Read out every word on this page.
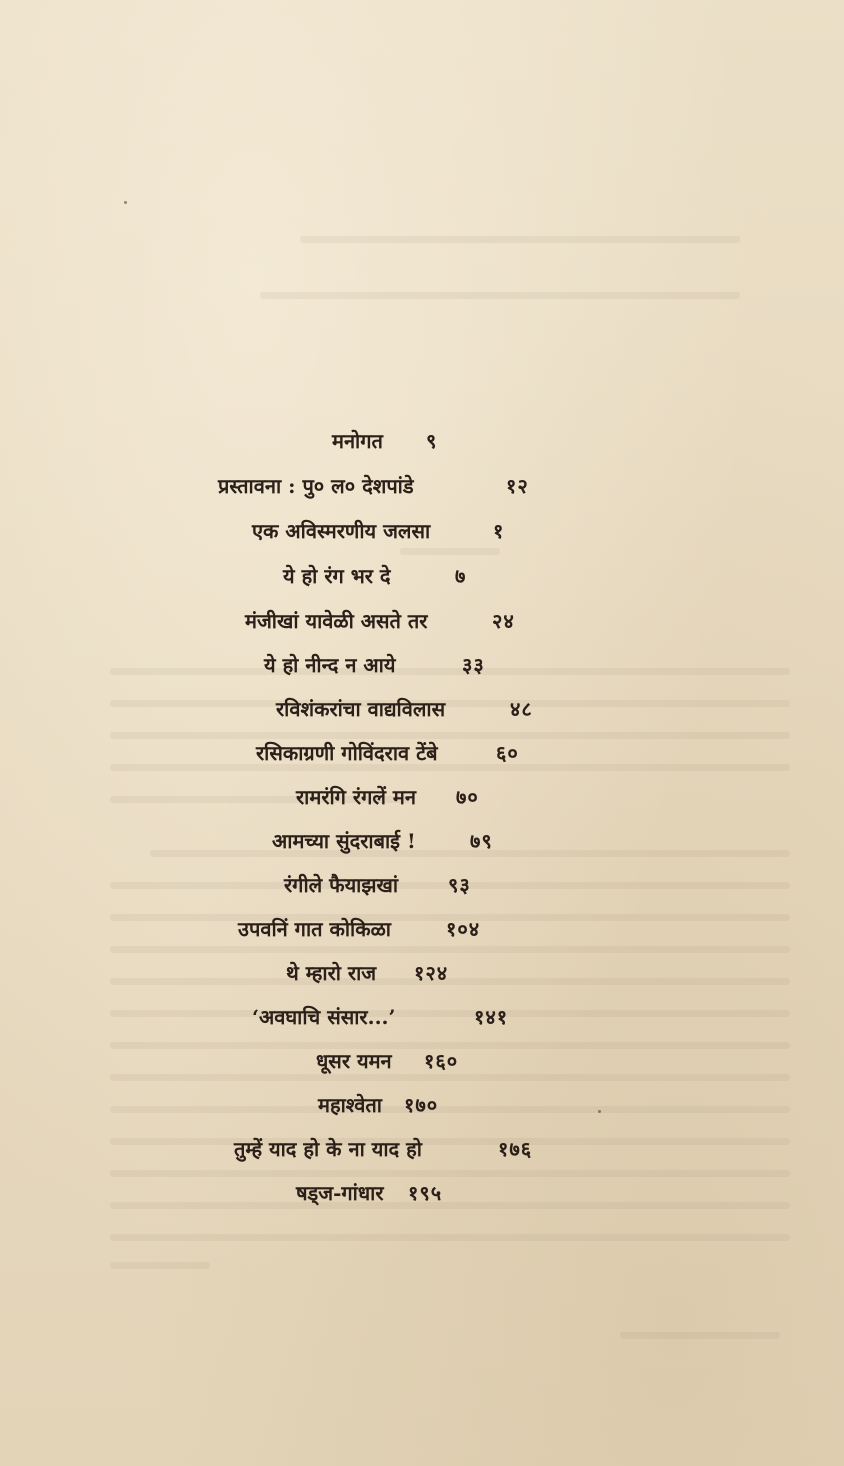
मनोगत ९
प्रस्तावना : पु० ल० देशपांडे	१२
एक अविस्मरणीय जलसा	१
ये हो रंग भर दे	७
मंजीखां यावेळी असते तर	२४
ये हो नीन्द न आये	३३
रविशंकरांचा वाद्यविलास	४८
रसिकाग्रणी गोविंदराव टेंबे	६०
रामरंगि रंगलें मन ७०
आमच्या सुंदराबाई !	७९
रंगीले फैयाझखां ९३
उपवनिं गात कोकिळा	१०४
थे म्हारो राज १२४
‘अवघाचि संसार...’	१४१
धूसर यमन १६०
महाश्वेता १७०
तुम्हें याद हो के ना याद हो	१७६
षड्ज-गांधार १९५
